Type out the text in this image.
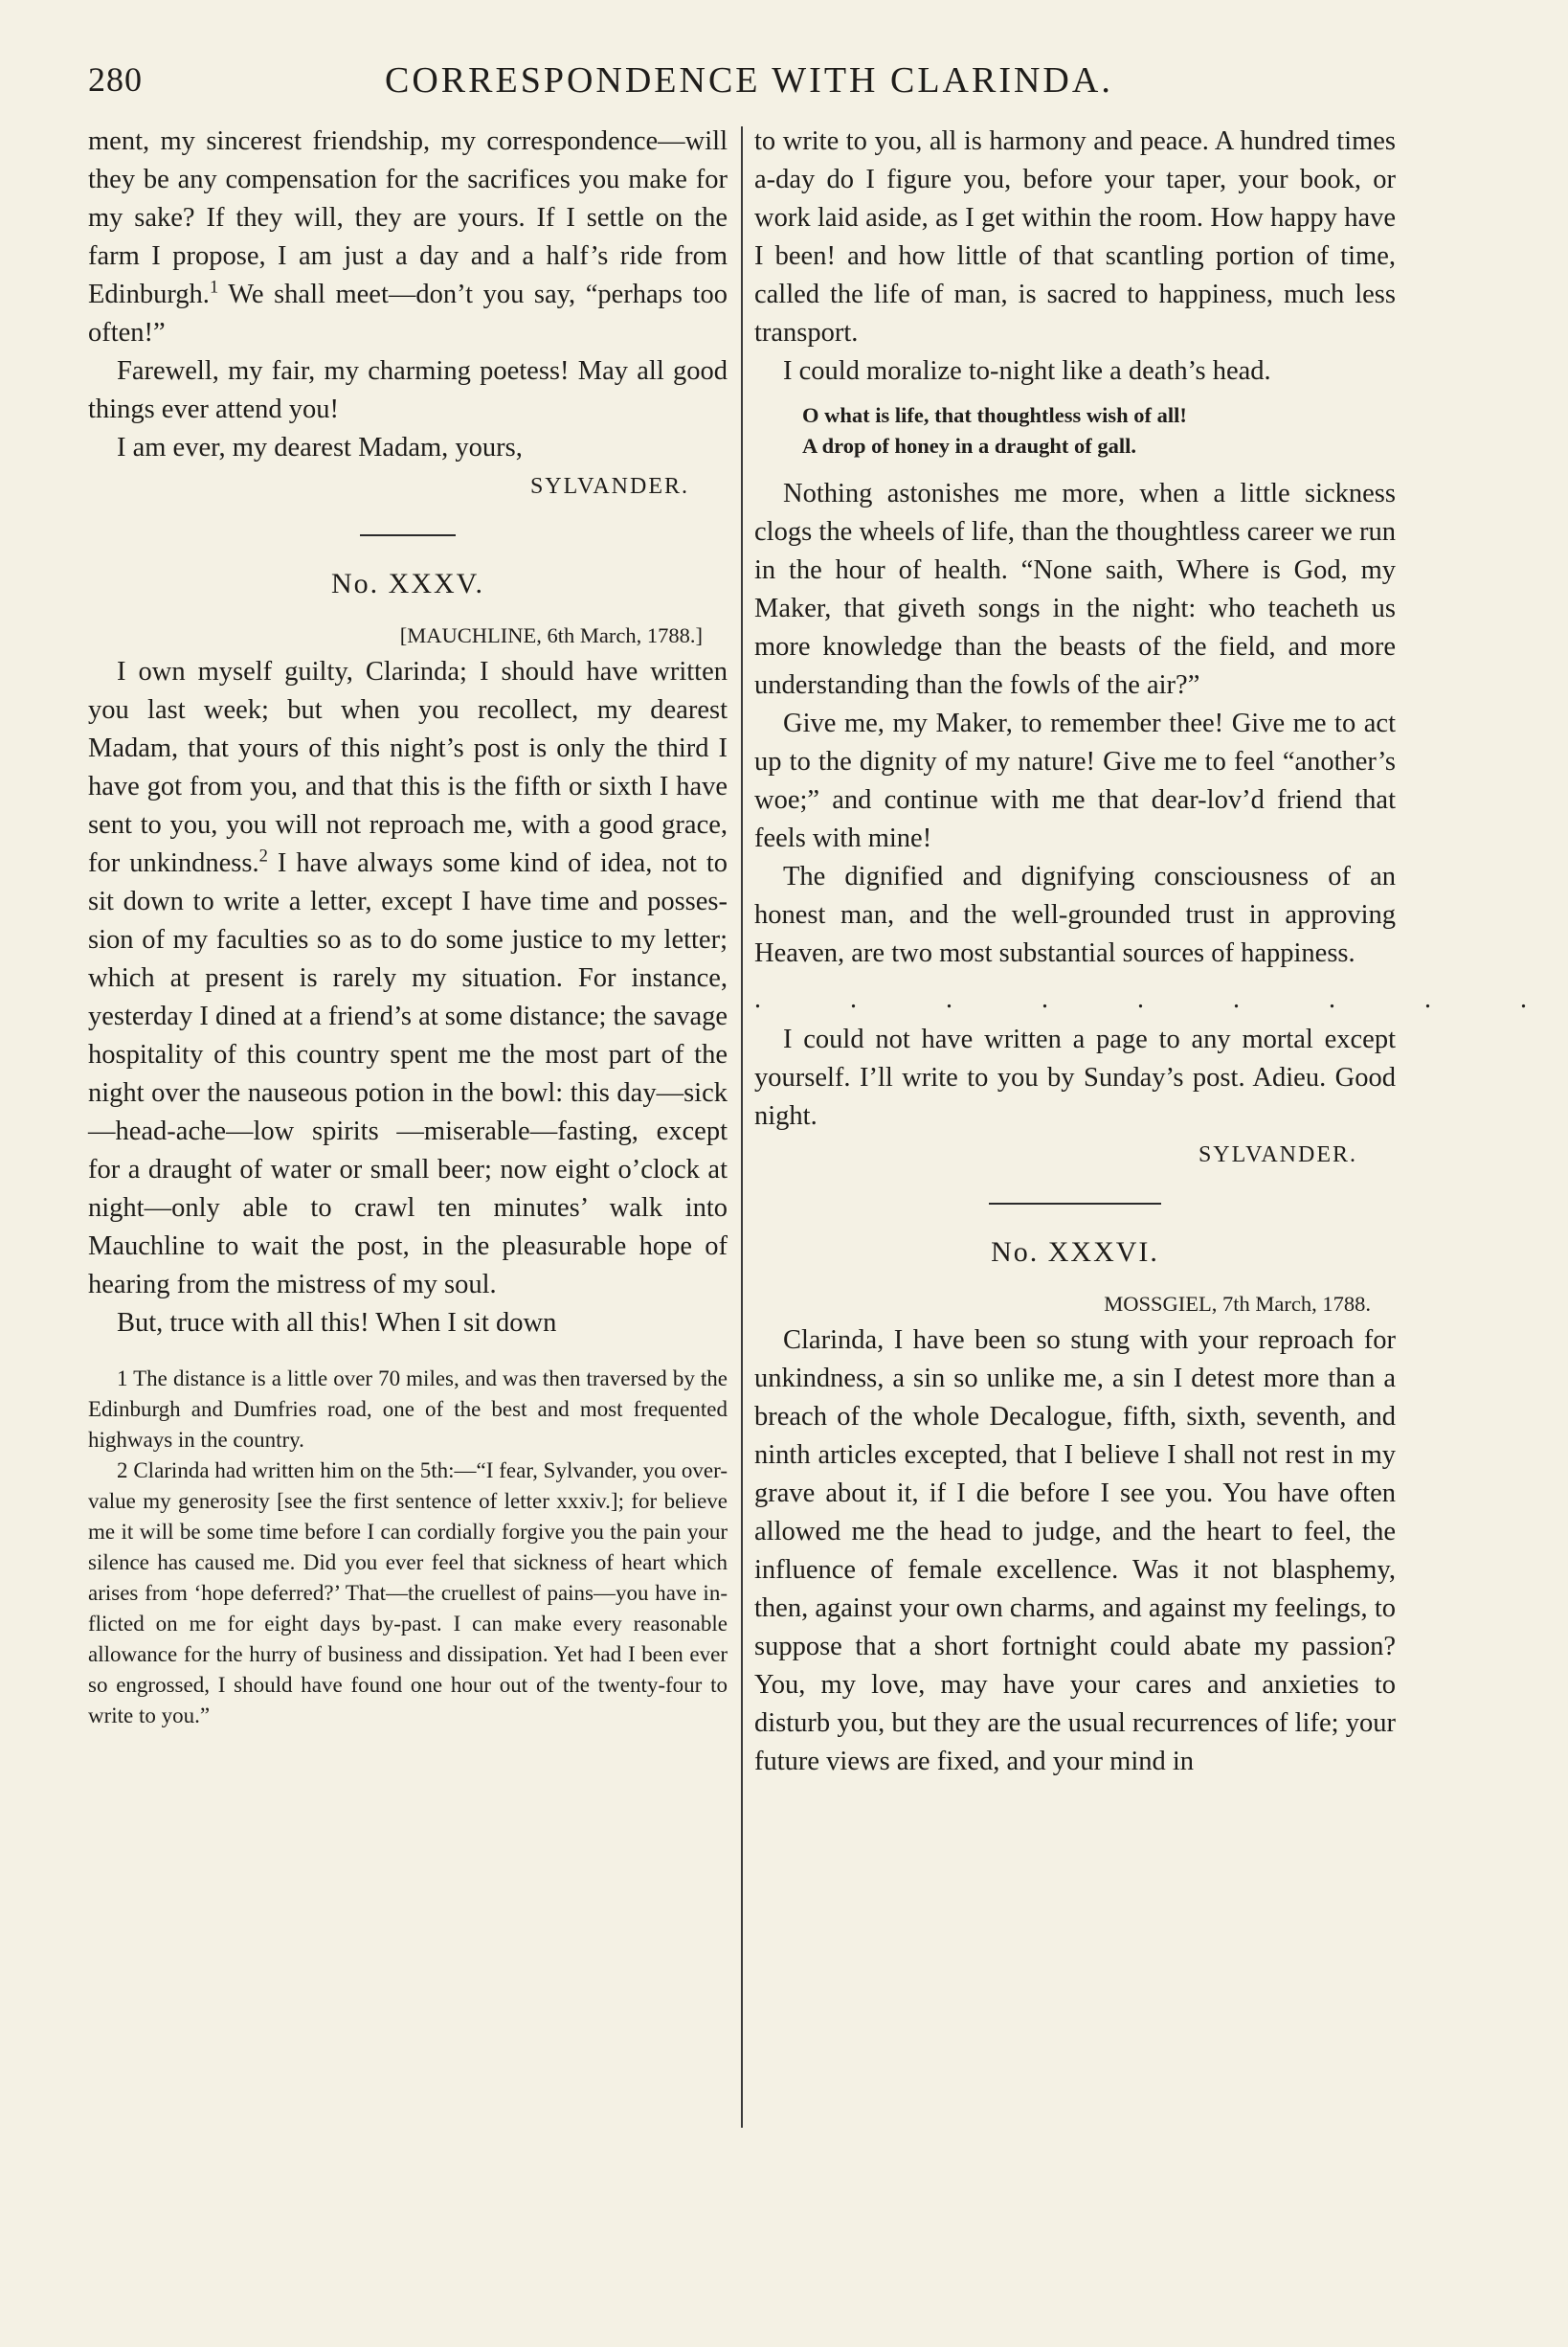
280	CORRESPONDENCE WITH CLARINDA.

ment, my sincerest friendship, my correspondence—will they be any compensation for the sacrifices you make for my sake? If they will, they are yours. If I settle on the farm I propose, I am just a day and a half’s ride from Edinburgh.$^1$ We shall meet—don’t you say, “perhaps too often!”

Farewell, my fair, my charming poetess! May all good things ever attend you!

I am ever, my dearest Madam, yours,

SYLVANDER.

No. XXXV.
[MAUCHLINE, 6th March, 1788.]

I own myself guilty, Clarinda; I should have written you last week; but when you recollect, my dearest Madam, that yours of this night’s post is only the third I have got from you, and that this is the fifth or sixth I have sent to you, you will not reproach me, with a good grace, for unkindness.$^2$ I have always some kind of idea, not to sit down to write a letter, except I have time and possession of my faculties so as to do some justice to my letter; which at present is rarely my situation. For instance, yesterday I dined at a friend’s at some distance; the savage hospitality of this country spent me the most part of the night over the nauseous potion in the bowl: this day—sick—head-ache—low spirits —miserable—fasting, except for a draught of water or small beer; now eight o’clock at night—only able to crawl ten minutes’ walk into Mauchline to wait the post, in the pleasurable hope of hearing from the mistress of my soul.

But, truce with all this! When I sit down

1 The distance is a little over 70 miles, and was then traversed by the Edinburgh and Dumfries road, one of the best and most frequented highways in the country.

2 Clarinda had written him on the 5th:—“I fear, Sylvander, you over-value my generosity [see the first sentence of letter xxxiv.]; for believe me it will be some time before I can cordially forgive you the pain your silence has caused me. Did you ever feel that sickness of heart which arises from ‘hope deferred?’ That—the cruellest of pains—you have inflicted on me for eight days by-past. I can make every reasonable allowance for the hurry of business and dissipation. Yet had I been ever so engrossed, I should have found one hour out of the twenty-four to write to you.”

to write to you, all is harmony and peace. A hundred times a-day do I figure you, before your taper, your book, or work laid aside, as I get within the room. How happy have I been! and how little of that scantling portion of time, called the life of man, is sacred to happiness, much less transport.

I could moralize to-night like a death’s head.

O what is life, that thoughtless wish of all!
A drop of honey in a draught of gall.

Nothing astonishes me more, when a little sickness clogs the wheels of life, than the thoughtless career we run in the hour of health. “None saith, Where is God, my Maker, that giveth songs in the night: who teacheth us more knowledge than the beasts of the field, and more understanding than the fowls of the air?”

Give me, my Maker, to remember thee! Give me to act up to the dignity of my nature! Give me to feel “another’s woe;” and continue with me that dear-lov’d friend that feels with mine!

The dignified and dignifying consciousness of an honest man, and the well-grounded trust in approving Heaven, are two most substantial sources of happiness.

. . . . . . . . .

I could not have written a page to any mortal except yourself. I’ll write to you by Sunday’s post. Adieu. Good night.

SYLVANDER.

No. XXXVI.
MOSSGIEL, 7th March, 1788.

Clarinda, I have been so stung with your reproach for unkindness, a sin so unlike me, a sin I detest more than a breach of the whole Decalogue, fifth, sixth, seventh, and ninth articles excepted, that I believe I shall not rest in my grave about it, if I die before I see you. You have often allowed me the head to judge, and the heart to feel, the influence of female excellence. Was it not blasphemy, then, against your own charms, and against my feelings, to suppose that a short fortnight could abate my passion? You, my love, may have your cares and anxieties to disturb you, but they are the usual recurrences of life; your future views are fixed, and your mind in
